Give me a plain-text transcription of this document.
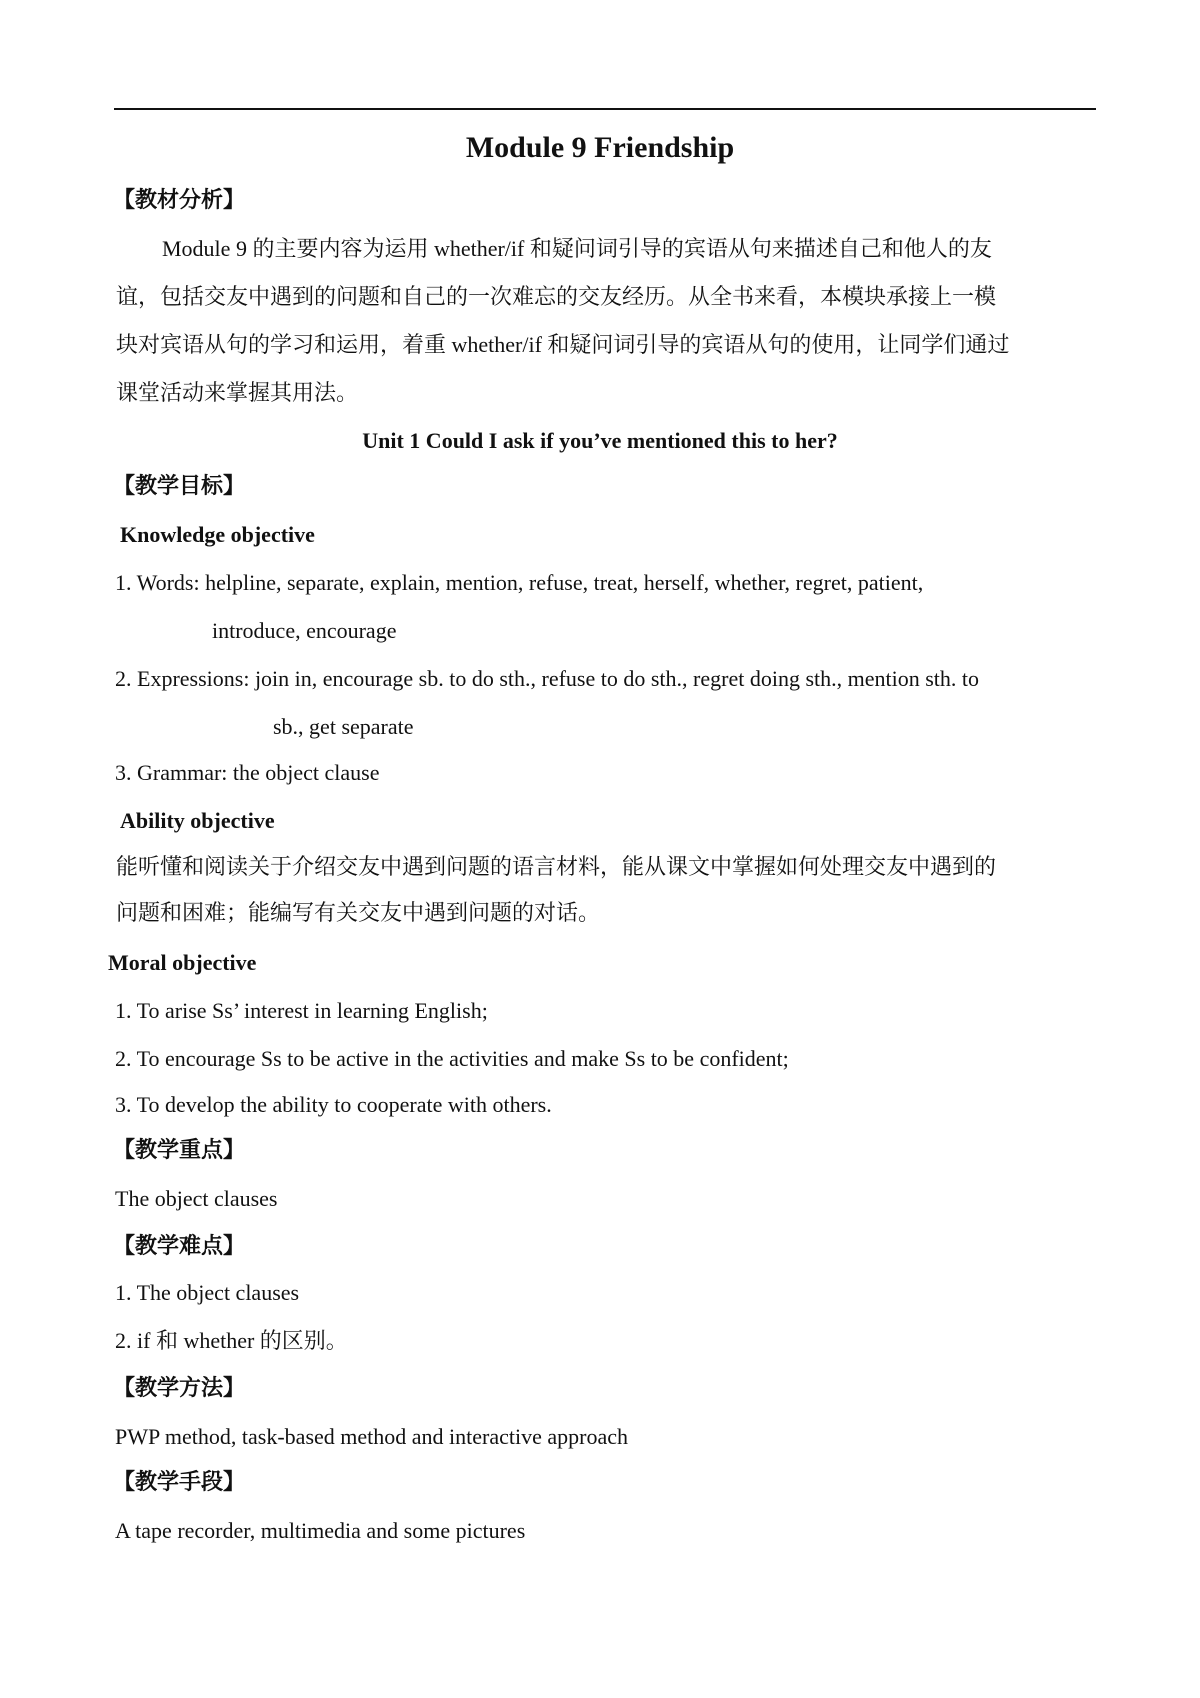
Module 9 Friendship
【教材分析】
Module 9 的主要内容为运用 whether/if 和疑问词引导的宾语从句来描述自己和他人的友
谊，包括交友中遇到的问题和自己的一次难忘的交友经历。从全书来看，本模块承接上一模
块对宾语从句的学习和运用，着重 whether/if 和疑问词引导的宾语从句的使用，让同学们通过
课堂活动来掌握其用法。
Unit 1 Could I ask if you’ve mentioned this to her?
【教学目标】
Knowledge objective
1. Words: helpline, separate, explain, mention, refuse, treat, herself, whether, regret, patient,
introduce, encourage
2. Expressions: join in, encourage sb. to do sth., refuse to do sth., regret doing sth., mention sth. to
sb., get separate
3. Grammar: the object clause
Ability objective
能听懂和阅读关于介绍交友中遇到问题的语言材料，能从课文中掌握如何处理交友中遇到的
问题和困难；能编写有关交友中遇到问题的对话。
Moral objective
1. To arise Ss’ interest in learning English;
2. To encourage Ss to be active in the activities and make Ss to be confident;
3. To develop the ability to cooperate with others.
【教学重点】
The object clauses
【教学难点】
1. The object clauses
2. if 和 whether 的区别。
【教学方法】
PWP method, task-based method and interactive approach
【教学手段】
A tape recorder, multimedia and some pictures
